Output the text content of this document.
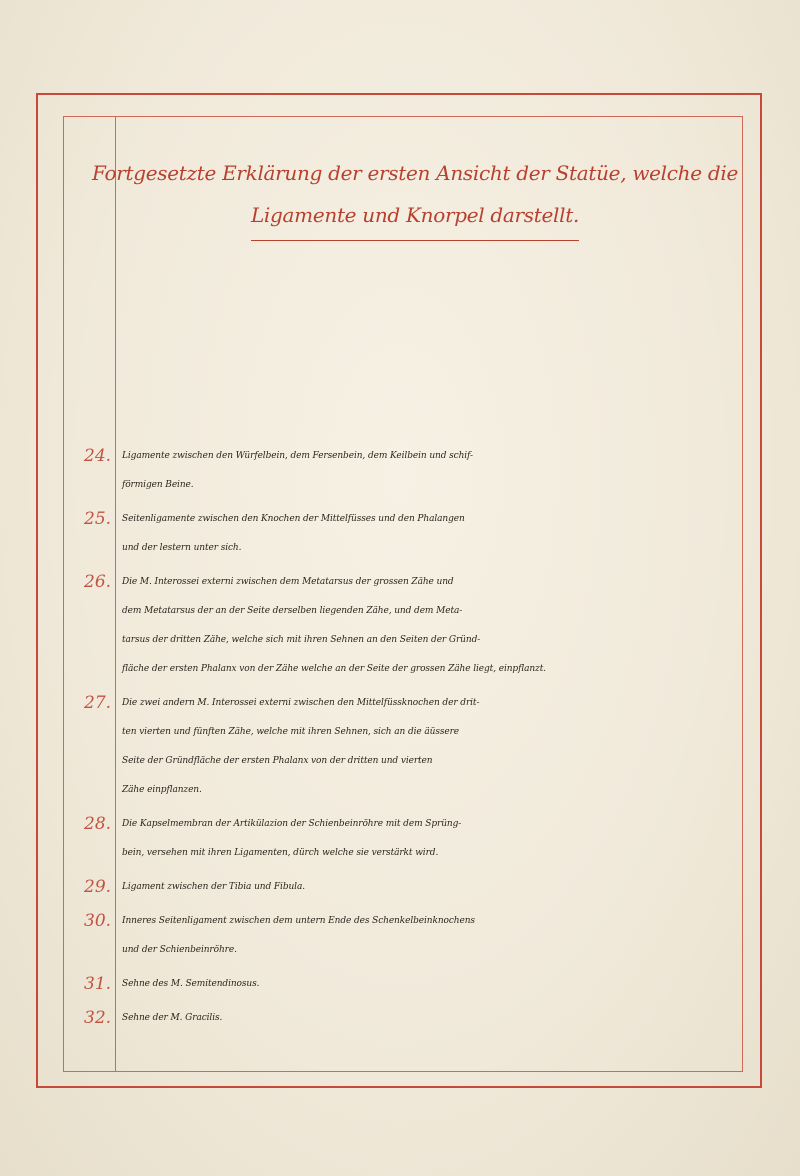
Fortgesetzte Erklärung der ersten Ansicht der Statüe, welche die
Ligamente und Knorpel darstellt.
24.	Ligamente zwischen den Würfelbein, dem Fersenbein, dem Keilbein und schif-

förmigen Beine.

25.	Seitenligamente zwischen den Knochen der Mittelfüsses und den Phalangen

und der lestern unter sich.

26.	Die M. Interossei externi zwischen dem Metatarsus der grossen Zähe und

dem Metatarsus der an der Seite derselben liegenden Zähe, und dem Meta-

tarsus der dritten Zähe, welche sich mit ihren Sehnen an den Seiten der Gründ-

fläche der ersten Phalanx von der Zähe welche an der Seite der grossen Zähe liegt, einpflanzt.

27.	Die zwei andern M. Interossei externi zwischen den Mittelfüssknochen der drit-

ten vierten und fünften Zähe, welche mit ihren Sehnen, sich an die äüssere

Seite der Gründfläche der ersten Phalanx von der dritten und vierten

Zähe einpflanzen.

28.	Die Kapselmembran der Artikülazion der Schienbeinröhre mit dem Sprüng-

bein, versehen mit ihren Ligamenten, dürch welche sie verstärkt wird.

29.	Ligament zwischen der Tibia und Fibula.

30.	Inneres Seitenligament zwischen dem untern Ende des Schenkelbeinknochens

und der Schienbeinröhre.

31.	Sehne des M. Semitendinosus.

32.	Sehne der M. Gracilis.
